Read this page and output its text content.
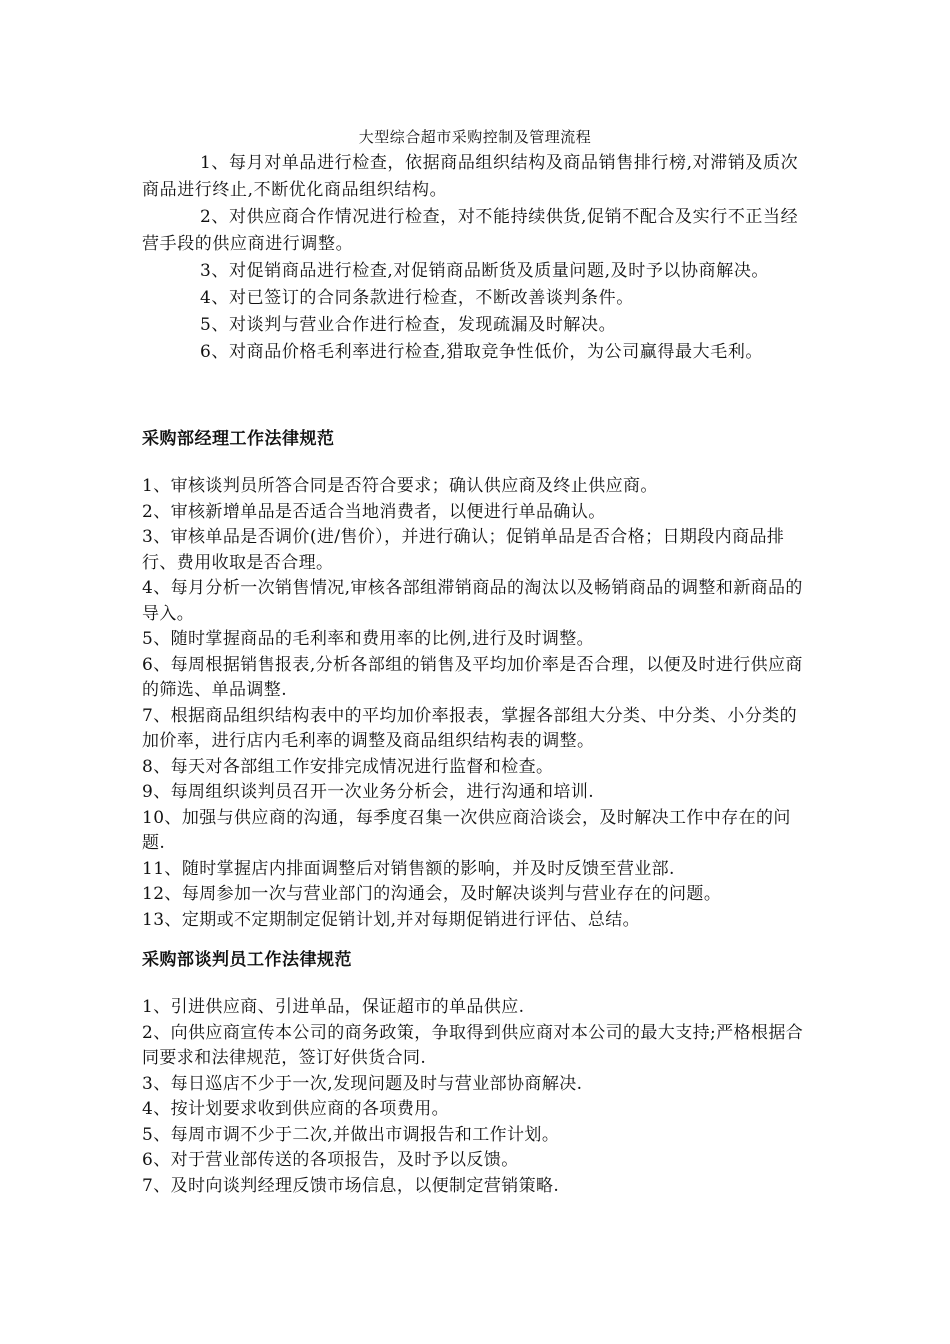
大型综合超市采购控制及管理流程

1、每月对单品进行检查，依据商品组织结构及商品销售排行榜,对滞销及质次商品进行终止,不断优化商品组织结构。

2、对供应商合作情况进行检查，对不能持续供货,促销不配合及实行不正当经营手段的供应商进行调整。

3、对促销商品进行检查,对促销商品断货及质量问题,及时予以协商解决。

4、对已签订的合同条款进行检查，不断改善谈判条件。

5、对谈判与营业合作进行检查，发现疏漏及时解决。

6、对商品价格毛利率进行检查,猎取竞争性低价，为公司赢得最大毛利。

采购部经理工作法律规范
1、审核谈判员所答合同是否符合要求；确认供应商及终止供应商。
2、审核新增单品是否适合当地消费者，以便进行单品确认。
3、审核单品是否调价(进/售价），并进行确认；促销单品是否合格；日期段内商品排行、费用收取是否合理。
4、每月分析一次销售情况,审核各部组滞销商品的淘汰以及畅销商品的调整和新商品的导入。
5、随时掌握商品的毛利率和费用率的比例,进行及时调整。
6、每周根据销售报表,分析各部组的销售及平均加价率是否合理，以便及时进行供应商的筛选、单品调整.
7、根据商品组织结构表中的平均加价率报表，掌握各部组大分类、中分类、小分类的加价率，进行店内毛利率的调整及商品组织结构表的调整。
8、每天对各部组工作安排完成情况进行监督和检查。
9、每周组织谈判员召开一次业务分析会，进行沟通和培训.
10、加强与供应商的沟通，每季度召集一次供应商洽谈会，及时解决工作中存在的问题.
11、随时掌握店内排面调整后对销售额的影响，并及时反馈至营业部.
12、每周参加一次与营业部门的沟通会，及时解决谈判与营业存在的问题。
13、定期或不定期制定促销计划,并对每期促销进行评估、总结。
采购部谈判员工作法律规范
1、引进供应商、引进单品，保证超市的单品供应.
2、向供应商宣传本公司的商务政策，争取得到供应商对本公司的最大支持;严格根据合同要求和法律规范，签订好供货合同.
3、每日巡店不少于一次,发现问题及时与营业部协商解决.
4、按计划要求收到供应商的各项费用。
5、每周市调不少于二次,并做出市调报告和工作计划。
6、对于营业部传送的各项报告，及时予以反馈。
7、及时向谈判经理反馈市场信息，以便制定营销策略.
